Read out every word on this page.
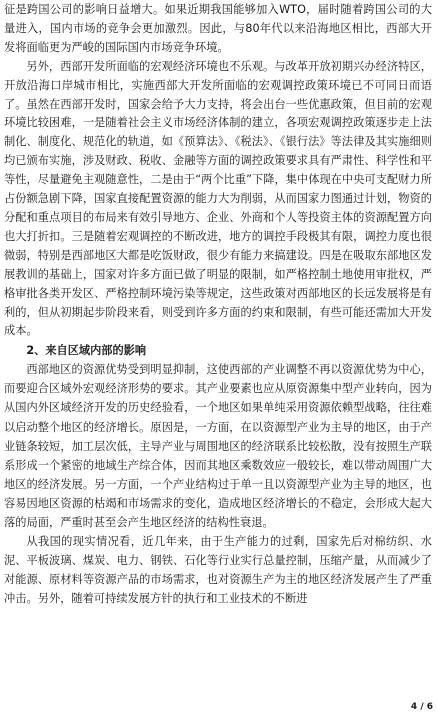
征是跨国公司的影响日益增大。如果近期我国能够加入WTO，届时随着跨国公司的大量进入，国内市场的竞争会更加激烈。因此，与80年代以来沿海地区相比，西部大开发将面临更为严峻的国际国内市场竞争环境。

另外，西部开发所面临的宏观经济环境也不乐观。与改革开放初期兴办经济特区，开放沿海口岸城市相比，实施西部大开发所面临的宏观调控政策环境已不可同日而语了。虽然在西部开发时，国家会给予大力支持，将会出台一些优惠政策，但目前的宏观环境比较困难，一是随着社会主义市场经济体制的建立，各项宏观调控政策逐步走上法制化、制度化、规范化的轨道，如《预算法》、《税法》、《银行法》等法律及其实施细则均已颁布实施，涉及财政、税收、金融等方面的调控政策要求具有严肃性、科学性和平等性，尽量避免主观随意性，二是由于“两个比重”下降，集中体现在中央可支配财力所占份额急剧下降，国家直接配置资源的能力大为削弱，从而国家力图通过计划，物资的分配和重点项目的布局来有效引导地方、企业、外商和个人等投资主体的资源配置方向也大打折扣。三是随着宏观调控的不断改进，地方的调控手段极其有限，调控力度也很微弱，特别是西部地区大都是吃饭财政，很少有能力来搞建设。四是在吸取东部地区发展教训的基础上，国家对许多方面已做了明显的限制，如严格控制土地使用审批权，严格审批各类开发区、严格控制环境污染等规定，这些政策对西部地区的长远发展将是有利的，但从初期起步阶段来看，则受到许多方面的约束和限制，有些可能还需加大开发成本。

2、来自区域内部的影响

西部地区的资源优势受到明显抑制，这使西部的产业调整不再以资源优势为中心，而要迎合区域外宏观经济形势的要求。其产业要素也应从原资源集中型产业转向，因为从国内外区域经济开发的历史经验看，一个地区如果单纯采用资源依赖型战略，往往难以启动整个地区的经济增长。原因是，一方面，在以资源型产业为主导的地区，由于产业链条较短，加工层次低，主导产业与周围地区的经济联系比较松散，没有按照生产联系形成一个紧密的地域生产综合体，因而其地区乘数效应一般较长，难以带动周围广大地区的经济发展。另一方面，一个产业结构过于单一且以资源型产业为主导的地区，也容易因地区资源的枯竭和市场需求的变化，造成地区经济增长的不稳定，会形成大起大落的局面，严重时甚至会产生地区经济的结构性衰退。

从我国的现实情况看，近几年来，由于生产能力的过剩，国家先后对棉纺织、水泥、平板波璃、煤炭、电力、钢铁、石化等行业实行总量控制，压缩产量，从而减少了对能源、原材料等资源产品的市场需求，也对资源生产为主的地区经济发展产生了严重冲击。另外，随着可持续发展方针的执行和工业技术的不断进

4 / 6
